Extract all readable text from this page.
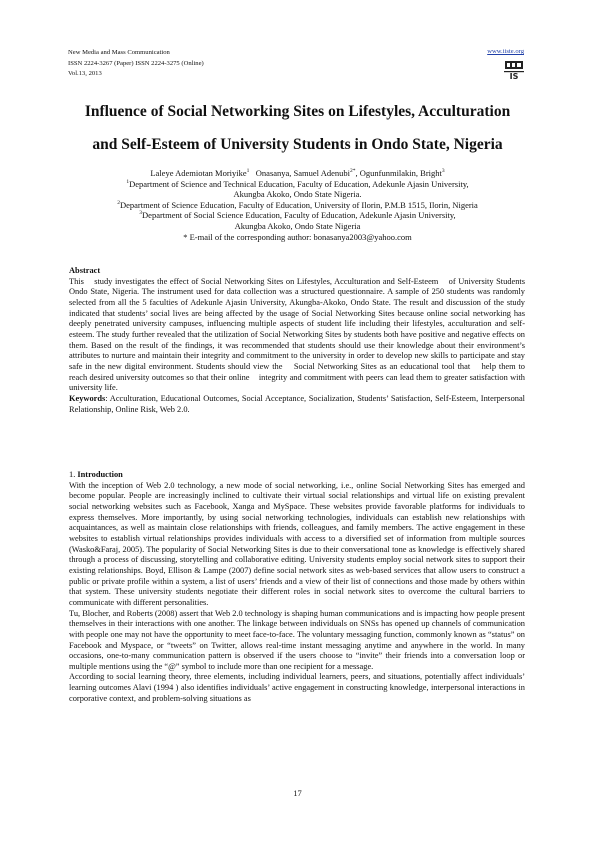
New Media and Mass Communication
ISSN 2224-3267 (Paper) ISSN 2224-3275 (Online)
Vol.13, 2013
www.iiste.org
IS
Influence of Social Networking Sites on Lifestyles, Acculturation
and Self-Esteem of University Students in Ondo State, Nigeria
Laleye Ademiotan Moriyike$^1$   Onasanya, Samuel Adenubi$^{2*}$, Ogunfunmilakin, Bright$^3$
$^1$Department of Science and Technical Education, Faculty of Education, Adekunle Ajasin University,
Akungba Akoko, Ondo State Nigeria.
$^2$Department of Science Education, Faculty of Education, University of Ilorin, P.M.B 1515, Ilorin, Nigeria
$^3$Department of Social Science Education, Faculty of Education, Adekunle Ajasin University,
Akungba Akoko, Ondo State Nigeria
* E-mail of the corresponding author: bonasanya2003@yahoo.com

Abstract

This    study investigates the effect of Social Networking Sites on Lifestyles, Acculturation and Self-Esteem    of University Students Ondo State, Nigeria. The instrument used for data collection was a structured questionnaire. A sample of 250 students was randomly selected from all the 5 faculties of Adekunle Ajasin University, Akungba-Akoko, Ondo State. The result and discussion of the study indicated that students’ social lives are being affected by the usage of Social Networking Sites because online social networking has deeply penetrated university campuses, influencing multiple aspects of student life including their lifestyles, acculturation and self-esteem. The study further revealed that the utilization of Social Networking Sites by students both have positive and negative effects on them. Based on the result of the findings, it was recommended that students should use their knowledge about their environment’s attributes to nurture and maintain their integrity and commitment to the university in order to develop new skills to participate and stay safe in the new digital environment. Students should view the    Social Networking Sites as an educational tool that    help them to reach desired university outcomes so that their online    integrity and commitment with peers can lead them to greater satisfaction with university life.

Keywords: Acculturation, Educational Outcomes, Social Acceptance, Socialization, Students’ Satisfaction, Self-Esteem, Interpersonal Relationship, Online Risk, Web 2.0.

1. Introduction

With the inception of Web 2.0 technology, a new mode of social networking, i.e., online Social Networking Sites has emerged and become popular. People are increasingly inclined to cultivate their virtual social relationships and virtual life on existing prevalent social networking websites such as Facebook, Xanga and MySpace. These websites provide favorable platforms for individuals to express themselves. More importantly, by using social networking technologies, individuals can establish new relationships with acquaintances, as well as maintain close relationships with friends, colleagues, and family members. The active engagement in these websites to establish virtual relationships provides individuals with access to a diversified set of information from multiple sources (Wasko&Faraj, 2005). The popularity of Social Networking Sites is due to their conversational tone as knowledge is effectively shared through a process of discussing, storytelling and collaborative editing. University students employ social network sites to support their existing relationships. Boyd, Ellison & Lampe (2007) define social network sites as web-based services that allow users to construct a public or private profile within a system, a list of users’ friends and a view of their list of connections and those made by others within that system. These university students negotiate their different roles in social network sites to overcome the cultural barriers to communicate with different personalities.

Tu, Blocher, and Roberts (2008) assert that Web 2.0 technology is shaping human communications and is impacting how people present themselves in their interactions with one another. The linkage between individuals on SNSs has opened up channels of communication with people one may not have the opportunity to meet face-to-face. The voluntary messaging function, commonly known as “status” on Facebook and Myspace, or “tweets” on Twitter, allows real-time instant messaging anytime and anywhere in the world. In many occasions, one-to-many communication pattern is observed if the users choose to “invite” their friends into a conversation loop or multiple mentions using the “@” symbol to include more than one recipient for a message.

According to social learning theory, three elements, including individual learners, peers, and situations, potentially affect individuals’ learning outcomes Alavi (1994 ) also identifies individuals’ active engagement in constructing knowledge, interpersonal interactions in corporative context, and problem-solving situations as

17
